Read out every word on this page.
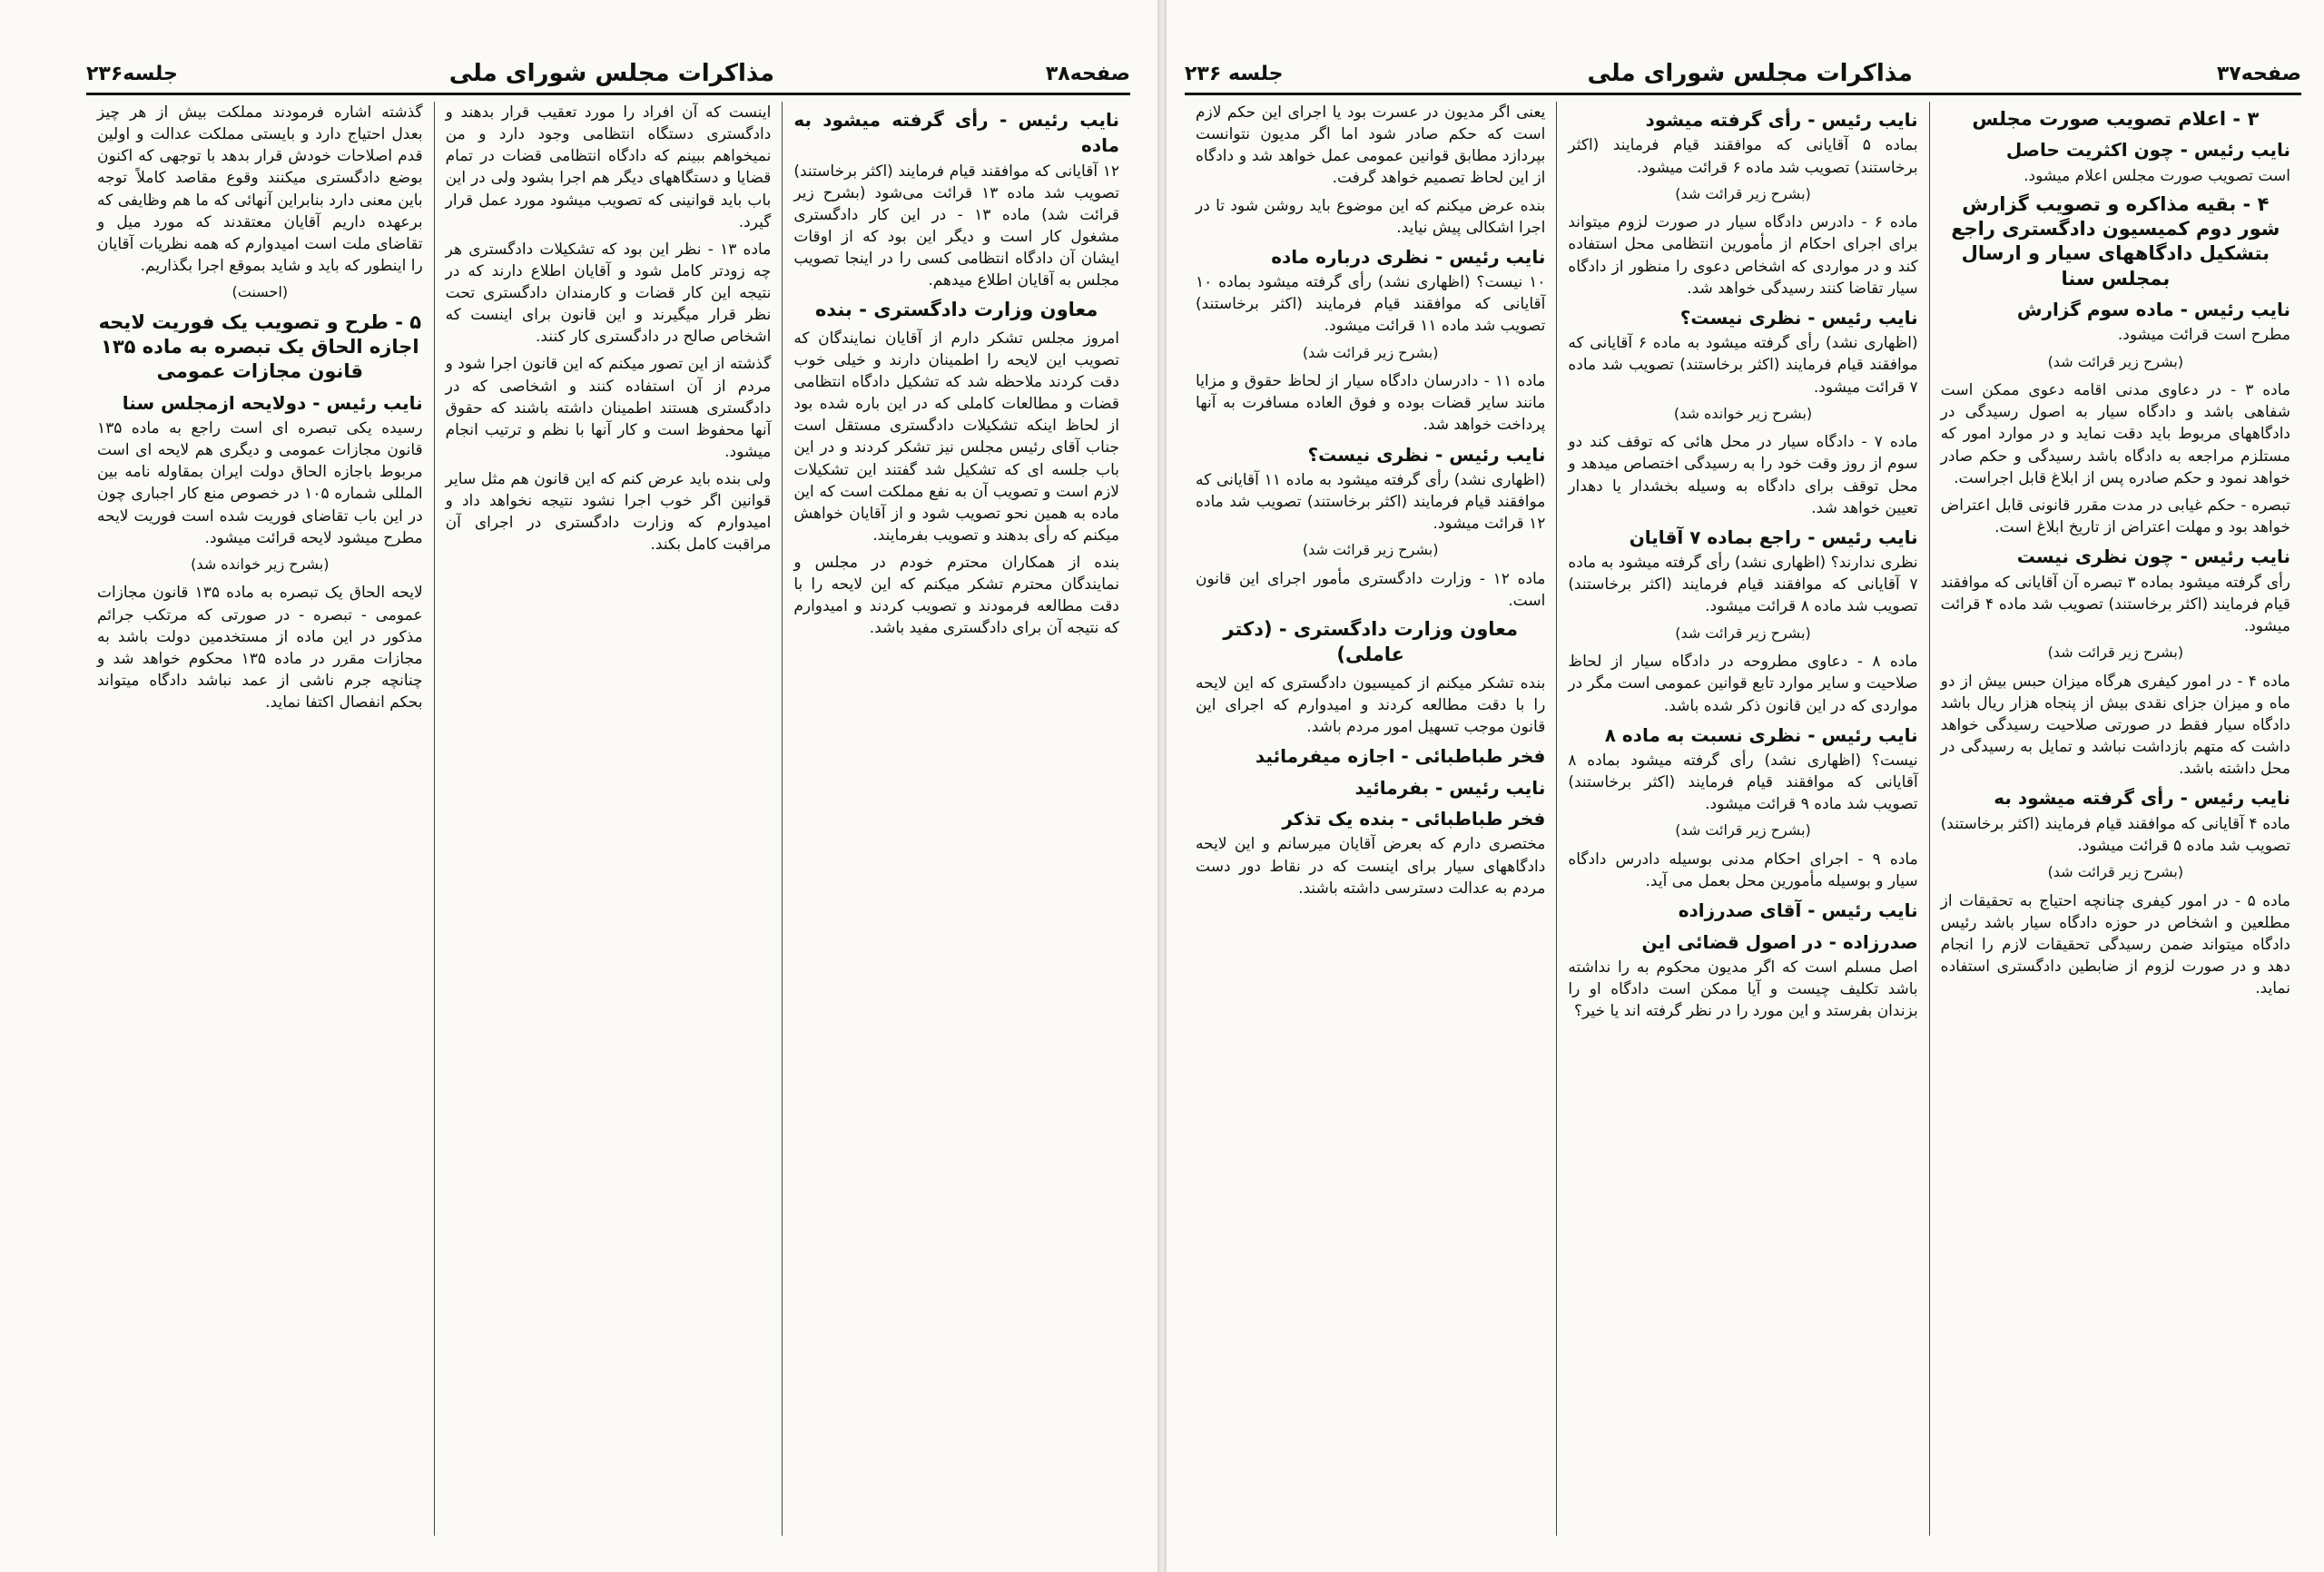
صفحه۳۸
مذاکرات مجلس شورای ملی
جلسه۲۳۶
نایب رئیس - رأی گرفته میشود به ماده

۱۲ آقایانی که موافقند قیام فرمایند (اکثر برخاستند) تصویب شد ماده ۱۳ قرائت می‌شود (بشرح زیر قرائت شد) ماده ۱۳ - در این کار دادگستری مشغول کار است و دیگر این بود که از اوقات ایشان آن دادگاه انتظامی کسی را در اینجا تصویب مجلس به آقایان اطلاع میدهم.

معاون وزارت دادگستری - بنده

امروز مجلس تشکر دارم از آقایان نمایندگان که تصویب این لایحه را اطمینان دارند و خیلی خوب دقت کردند ملاحظه شد که تشکیل دادگاه انتظامی قضات و مطالعات کاملی که در این باره شده بود از لحاظ اینکه تشکیلات دادگستری مستقل است جناب آقای رئیس مجلس نیز تشکر کردند و در این باب جلسه ای که تشکیل شد گفتند این تشکیلات لازم است و تصویب آن به نفع مملکت است که این ماده به همین نحو تصویب شود و از آقایان خواهش میکنم که رأی بدهند و تصویب بفرمایند.

بنده از همکاران محترم خودم در مجلس و نمایندگان محترم تشکر میکنم که این لایحه را با دقت مطالعه فرمودند و تصویب کردند و امیدوارم که نتیجه آن برای دادگستری مفید باشد.

اینست که آن افراد را مورد تعقیب قرار بدهند و دادگستری دستگاه انتظامی وجود دارد و من نمیخواهم ببینم که دادگاه انتظامی قضات در تمام قضایا و دستگاههای دیگر هم اجرا بشود ولی در این باب باید قوانینی که تصویب میشود مورد عمل قرار گیرد.

ماده ۱۳ - نظر این بود که تشکیلات دادگستری هر چه زودتر کامل شود و آقایان اطلاع دارند که در نتیجه این کار قضات و کارمندان دادگستری تحت نظر قرار میگیرند و این قانون برای اینست که اشخاص صالح در دادگستری کار کنند.

گذشته از این تصور میکنم که این قانون اجرا شود و مردم از آن استفاده کنند و اشخاصی که در دادگستری هستند اطمینان داشته باشند که حقوق آنها محفوظ است و کار آنها با نظم و ترتیب انجام میشود.

ولی بنده باید عرض کنم که این قانون هم مثل سایر قوانین اگر خوب اجرا نشود نتیجه نخواهد داد و امیدوارم که وزارت دادگستری در اجرای آن مراقبت کامل بکند.

گذشته اشاره فرمودند مملکت بیش از هر چیز بعدل احتیاج دارد و بایستی مملکت عدالت و اولین قدم اصلاحات خودش قرار بدهد با توجهی که اکنون بوضع دادگستری میکنند وقوع مقاصد کاملاً توجه باین معنی دارد بنابراین آنهائی که ما هم وظایفی که برعهده داریم آقایان معتقدند که مورد میل و تقاضای ملت است امیدوارم که همه نظریات آقایان را اینطور که باید و شاید بموقع اجرا بگذاریم.

(احسنت)
۵ - طرح و تصویب یک فوریت لایحه اجازه الحاق یک تبصره به ماده ۱۳۵ قانون مجازات عمومی
نایب رئیس - دولایحه ازمجلس سنا

رسیده یکی تبصره ای است راجع به ماده ۱۳۵ قانون مجازات عمومی و دیگری هم لایحه ای است مربوط باجازه الحاق دولت ایران بمقاوله نامه بین المللی شماره ۱۰۵ در خصوص منع کار اجباری چون در این باب تقاضای فوریت شده است فوریت لایحه مطرح میشود لایحه قرائت میشود.

(بشرح زیر خوانده شد)

لایحه الحاق یک تبصره به ماده ۱۳۵ قانون مجازات عمومی - تبصره - در صورتی که مرتکب جرائم مذکور در این ماده از مستخدمین دولت باشد به مجازات مقرر در ماده ۱۳۵ محکوم خواهد شد و چنانچه جرم ناشی از عمد نباشد دادگاه میتواند بحکم انفصال اکتفا نماید.

صفحه۳۷
مذاکرات مجلس شورای ملی
جلسه ۲۳۶
۳ - اعلام تصویب صورت مجلس
نایب رئیس - چون اکثریت حاصل

است تصویب صورت مجلس اعلام میشود.

۴ - بقیه مذاکره و تصویب گزارش شور دوم کمیسیون دادگستری راجع بتشکیل دادگاههای سیار و ارسال بمجلس سنا
نایب رئیس - ماده سوم گزارش

مطرح است قرائت میشود.

(بشرح زیر قرائت شد)

ماده ۳ - در دعاوی مدنی اقامه دعوی ممکن است شفاهی باشد و دادگاه سیار به اصول رسیدگی در دادگاههای مربوط باید دقت نماید و در موارد امور که مستلزم مراجعه به دادگاه باشد رسیدگی و حکم صادر خواهد نمود و حکم صادره پس از ابلاغ قابل اجراست.

تبصره - حکم غیابی در مدت مقرر قانونی قابل اعتراض خواهد بود و مهلت اعتراض از تاریخ ابلاغ است.

نایب رئیس - چون نظری نیست

رأی گرفته میشود بماده ۳ تبصره آن آقایانی که موافقند قیام فرمایند (اکثر برخاستند) تصویب شد ماده ۴ قرائت میشود.

(بشرح زیر قرائت شد)

ماده ۴ - در امور کیفری هرگاه میزان حبس بیش از دو ماه و میزان جزای نقدی بیش از پنجاه هزار ریال باشد دادگاه سیار فقط در صورتی صلاحیت رسیدگی خواهد داشت که متهم بازداشت نباشد و تمایل به رسیدگی در محل داشته باشد.

نایب رئیس - رأی گرفته میشود به

ماده ۴ آقایانی که موافقند قیام فرمایند (اکثر برخاستند) تصویب شد ماده ۵ قرائت میشود.

(بشرح زیر قرائت شد)

ماده ۵ - در امور کیفری چنانچه احتیاج به تحقیقات از مطلعین و اشخاص در حوزه دادگاه سیار باشد رئیس دادگاه میتواند ضمن رسیدگی تحقیقات لازم را انجام دهد و در صورت لزوم از ضابطین دادگستری استفاده نماید.

نایب رئیس - رأی گرفته میشود

بماده ۵ آقایانی که موافقند قیام فرمایند (اکثر برخاستند) تصویب شد ماده ۶ قرائت میشود.

(بشرح زیر قرائت شد)

ماده ۶ - دادرس دادگاه سیار در صورت لزوم میتواند برای اجرای احکام از مأمورین انتظامی محل استفاده کند و در مواردی که اشخاص دعوی را منظور از دادگاه سیار تقاضا کنند رسیدگی خواهد شد.

نایب رئیس - نظری نیست؟

(اظهاری نشد) رأی گرفته میشود به ماده ۶ آقایانی که موافقند قیام فرمایند (اکثر برخاستند) تصویب شد ماده ۷ قرائت میشود.

(بشرح زیر خوانده شد)

ماده ۷ - دادگاه سیار در محل هائی که توقف کند دو سوم از روز وقت خود را به رسیدگی اختصاص میدهد و محل توقف برای دادگاه به وسیله بخشدار یا دهدار تعیین خواهد شد.

نایب رئیس - راجع بماده ۷ آقایان

نظری ندارند؟ (اظهاری نشد) رأی گرفته میشود به ماده ۷ آقایانی که موافقند قیام فرمایند (اکثر برخاستند) تصویب شد ماده ۸ قرائت میشود.

(بشرح زیر قرائت شد)

ماده ۸ - دعاوی مطروحه در دادگاه سیار از لحاظ صلاحیت و سایر موارد تابع قوانین عمومی است مگر در مواردی که در این قانون ذکر شده باشد.

نایب رئیس - نظری نسبت به ماده ۸

نیست؟ (اظهاری نشد) رأی گرفته میشود بماده ۸ آقایانی که موافقند قیام فرمایند (اکثر برخاستند) تصویب شد ماده ۹ قرائت میشود.

(بشرح زیر قرائت شد)

ماده ۹ - اجرای احکام مدنی بوسیله دادرس دادگاه سیار و بوسیله مأمورین محل بعمل می آید.

نایب رئیس - آقای صدرزاده
صدرزاده - در اصول قضائی این

اصل مسلم است که اگر مدیون محکوم به را نداشته باشد تکلیف چیست و آیا ممکن است دادگاه او را بزندان بفرستد و این مورد را در نظر گرفته اند یا خیر؟

یعنی اگر مدیون در عسرت بود یا اجرای این حکم لازم است که حکم صادر شود اما اگر مدیون نتوانست بپردازد مطابق قوانین عمومی عمل خواهد شد و دادگاه از این لحاظ تصمیم خواهد گرفت.

بنده عرض میکنم که این موضوع باید روشن شود تا در اجرا اشکالی پیش نیاید.

نایب رئیس - نظری درباره ماده

۱۰ نیست؟ (اظهاری نشد) رأی گرفته میشود بماده ۱۰ آقایانی که موافقند قیام فرمایند (اکثر برخاستند) تصویب شد ماده ۱۱ قرائت میشود.

(بشرح زیر قرائت شد)

ماده ۱۱ - دادرسان دادگاه سیار از لحاظ حقوق و مزایا مانند سایر قضات بوده و فوق العاده مسافرت به آنها پرداخت خواهد شد.

نایب رئیس - نظری نیست؟

(اظهاری نشد) رأی گرفته میشود به ماده ۱۱ آقایانی که موافقند قیام فرمایند (اکثر برخاستند) تصویب شد ماده ۱۲ قرائت میشود.

(بشرح زیر قرائت شد)

ماده ۱۲ - وزارت دادگستری مأمور اجرای این قانون است.

معاون وزارت دادگستری - (دکتر عاملی)

بنده تشکر میکنم از کمیسیون دادگستری که این لایحه را با دقت مطالعه کردند و امیدوارم که اجرای این قانون موجب تسهیل امور مردم باشد.

فخر طباطبائی - اجازه میفرمائید
نایب رئیس - بفرمائید
فخر طباطبائی - بنده یک تذکر

مختصری دارم که بعرض آقایان میرسانم و این لایحه دادگاههای سیار برای اینست که در نقاط دور دست مردم به عدالت دسترسی داشته باشند.
